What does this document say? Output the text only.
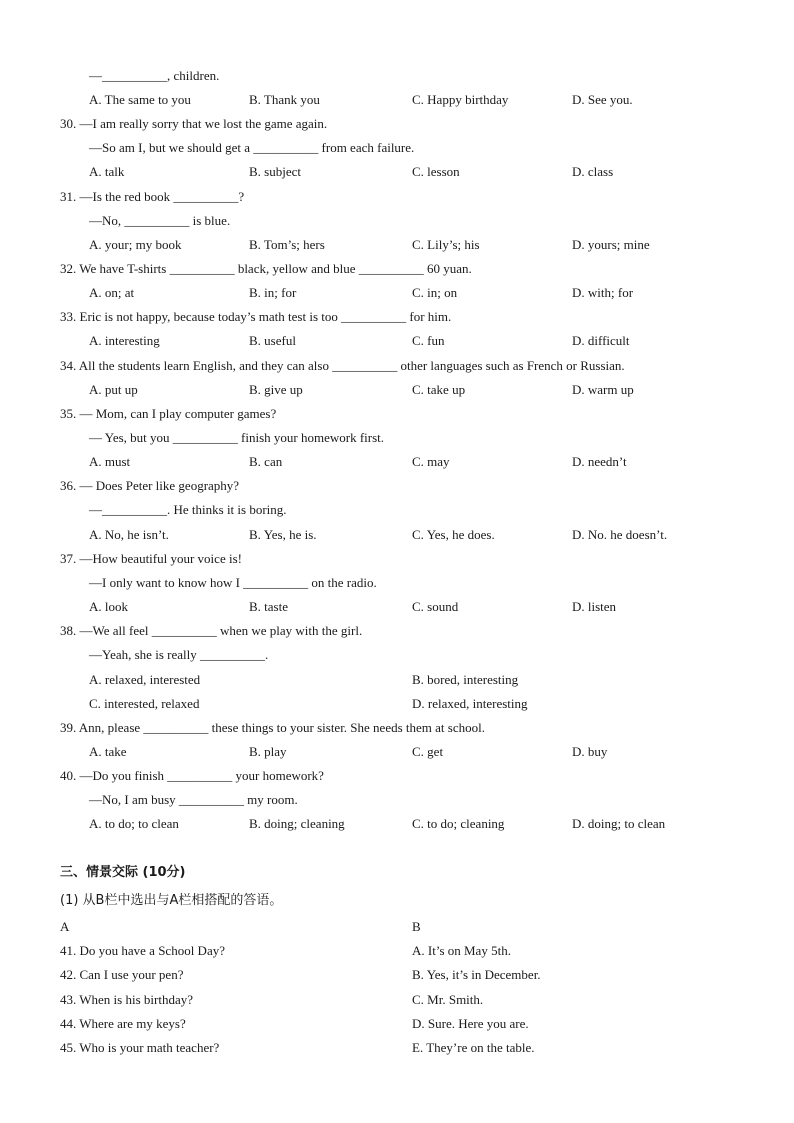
—__________, children.
A. The same to you	B. Thank you	C. Happy birthday	D. See you.
30. —I am really sorry that we lost the game again.
—So am I, but we should get a __________ from each failure.
A. talk	B. subject	C. lesson	D. class
31. —Is the red book __________?
—No, __________ is blue.
A. your; my book	B. Tom’s; hers	C. Lily’s; his	D. yours; mine
32. We have T-shirts __________ black, yellow and blue __________ 60 yuan.
A. on; at	B. in; for	C. in; on	D. with; for
33. Eric is not happy, because today’s math test is too __________ for him.
A. interesting	B. useful	C. fun	D. difficult
34. All the students learn English, and they can also __________ other languages such as French or Russian.
A. put up	B. give up	C. take up	D. warm up
35. — Mom, can I play computer games?
— Yes, but you __________ finish your homework first.
A. must	B. can	C. may	D. needn’t
36. — Does Peter like geography?
—__________. He thinks it is boring.
A. No, he isn’t.	B. Yes, he is.	C. Yes, he does.	D. No. he doesn’t.
37. —How beautiful your voice is!
—I only want to know how I __________ on the radio.
A. look	B. taste	C. sound	D. listen
38. —We all feel __________ when we play with the girl.
—Yeah, she is really __________.
A. relaxed, interested	B. bored, interesting
C. interested, relaxed	D. relaxed, interesting
39. Ann, please __________ these things to your sister. She needs them at school.
A. take	B. play	C. get	D. buy
40. —Do you finish __________ your homework?
—No, I am busy __________ my room.
A. to do; to clean	B. doing; cleaning	C. to do; cleaning	D. doing; to clean
三、情景交际 (10分)
(1) 从B栏中选出与A栏相搭配的答语。
A	B
41. Do you have a School Day?	A. It’s on May 5th.
42. Can I use your pen?	B. Yes, it’s in December.
43. When is his birthday?	C. Mr. Smith.
44. Where are my keys?	D. Sure. Here you are.
45. Who is your math teacher?	E. They’re on the table.
